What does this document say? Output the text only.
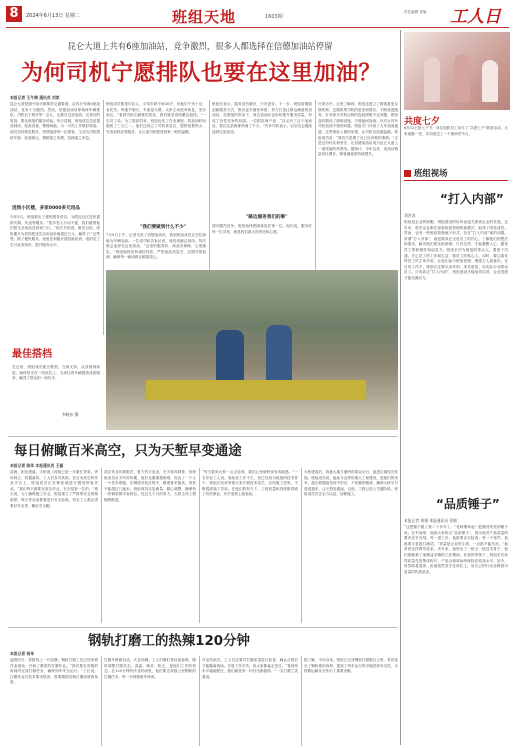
8	2024年6月13日 星期二	班组天地	1603期
责任编辑 蔡敏	工人日
昆仑大道上共有6座加油站，竞争激烈，很多人都选择在信德加油站停留
为何司机宁愿排队也要在这里加油？
本报记者 王冬梅 通讯员 刘家
昆仑大道是德令哈市重要的交通要道，沿线分布着6座加油站，竞争十分激烈。然而，信德加油站却始终车辆排队，司机们宁愿多等一会儿，也要在这里加油。这背后的原因，要从班组的服务说起。每天清晨，班组成员总是提前到岗，检查设备、整理场地，为一天的工作做好准备。他们坚持微笑服务，热情接待每一位顾客，主动为司机擦拭车窗、检查胎压，想顾客之所想，急顾客之所急。
送到小区楼，多家0000多元用品
今年5月，班组推出了便民服务项目，为附近社区居民提供代购、代送等服务。“很多老人行动不便，我们就帮他们把生活用品送到家门口。”班长介绍说。截至目前，班组累计为居民配送生活用品价值超过万元，赢得了广泛赞誉。除了便民服务，班组还积极开展技能培训，组织员工学习业务知识，提升服务水平。
班组成员都是年轻人，平均年龄不到30岁，但他们干劲十足，肯吃苦。每逢节假日，车流量大增，大家主动放弃休息，坚守岗位。“看到司机们满意的笑容，我们就觉得再累也值得。”一名员工说。为了提高效率，班组优化了作业流程，将加油时间缩短了三分之一。他们还设立了司机休息区，提供免费热水、充电和药品等服务，让长途司机感受到家一般的温暖。
"我们要做到什么不少"
7月9日上午，记者走进了信德加油站，看到班组成员正在忙碌地为车辆加油。一位老司机告诉记者，他经常跑这条线，每次都会选择在这里加油，“这里的服务好，油品有保障，心里踏实。”班组始终坚持诚信经营，严把油品质量关，定期开展检测，确保每一滴油都让顾客放心。
班组长表示，服务没有最好，只有更好。下一步，班组将继续创新服务方式，推出更多便民举措，努力打造让群众满意的加油站。在班组的带动下，周边加油站也纷纷提升服务质量，形成了良性竞争的局面。一位附近商户说：“自从有了这个加油站，我们这条街都热闹了不少。”许多司机表示，以后还会继续选择这里加油。
"路边服务我们的事"
面对激烈竞争，班组始终把顾客放在第一位。他们说，服务好每一位司机，就是我们最大的责任和心愿。
在采访中，记者了解到，班组还建立了顾客意见反馈机制，定期收集司机的意见和建议，不断改进服务。针对部分司机反映的夜间照明不足问题，班组及时增设了照明设施，方便夜间加油。针对大货车司机加油不便的问题，班组专门开辟了大车加油通道。这些细致入微的举措，让司机们倍感温暖。班组成员说：“我们只是做了自己应该做的事情。”正是这份朴实和坚守，让信德加油站成为昆仑大道上一道亮丽的风景线。据统计，今年以来，加油站销量同比增长，顾客满意度持续提升。
最佳搭档
在这里，班组成员配合默契，互相支持，从清晨到深夜，始终坚守在一线岗位上，为来往的车辆提供优质服务，赢得了群众的一致好评。
李晓东 摄
每日俯瞰百米高空，只为天堑早变通途
本报记者 陈华 本报通讯员 王磊
清晨，阳光洒落，大桥施工现场已是一片繁忙景象。塔吊林立，机器轰鸣，工人们各司其职。在百米高空的作业平台上，班组成员正在紧张地进行钢梁拼装作业。“我们每天都要在高空作业，安全是第一位的。”班长说。为了确保施工安全，班组建立了严格的安全管理制度，每天作业前都要进行安全检查，每名工人都必须系好安全带、戴好安全帽。
高空作业环境艰苦，夏天烈日炎炎，冬天寒风刺骨，但班组成员从不叫苦叫累。他们克服重重困难，攻克了一个又一个技术难题。在钢梁吊装过程中，精度要求极高，误差不能超过几毫米。班组成员反复测量、精心调整，确保每一块钢梁都安装到位。经过几个月的努力，大桥主体工程顺利推进。
“每当看到大桥一点点延伸，我们心里就特别有成就感。”一名年轻工人说。他参加工作不久，但已经成为班组的技术骨干。班组长经常带领大家开展技术攻关，总结施工经验，不断提高施工效率。在他们的努力下，工程质量和进度都得到了有效保证，多次受到上级表扬。
大桥建成后，将极大地方便两岸群众出行，促进区域经济发展。班组成员说，能参与这样的重大工程建设，是他们的荣幸。他们将继续发扬不怕苦、不怕累的精神，确保大桥早日建成通车，让天堑变通途。目前，工程已进入关键阶段，班组成员们正全力以赴，加紧施工。
钢轨打磨工的热辣120分钟
本报记者 杨华
凌晨时分，铁路线上一片寂静。钢轨打磨工们已经来到作业现场，开始了紧张的打磨作业。“我们要在有限的时间内完成打磨任务，确保列车安全运行。”工长说。打磨作业对技术要求很高，需要精准控制打磨深度和角度。
打磨车缓缓启动，火花四溅。工人们紧盯着设备参数，随时调整打磨状态。高温、噪音、粉尘，是他们工作的常态。在120分钟的作业时间里，他们要完成数公里钢轨的打磨任务，每一分钟都格外珍贵。
作业结束后，工人们还要对打磨质量进行检查，确认合格后才能撤离现场。尽管工作辛苦，但大家都毫无怨言。“看到列车平稳地驶过，我们就觉得一切付出都值得。”一名打磨工笑着说。
据了解，今年以来，班组已完成钢轨打磨数百公里，有效延长了钢轨使用寿命，提高了列车运行的平稳性和安全性，为铁路运输安全作出了重要贡献。
共度七夕
6月13日是七夕节，单位组织员工举办了“共度七夕”联谊活动，大家欢聚一堂，共同度过了一个愉快的节日。
班组视场
“打入内部”
刘洪涛
班组是企业的细胞，班组建设的好坏直接关系到企业的发展。近年来，很多企业都在探索班组管理的新模式，取得了明显成效。然而，也有一些班组管理流于形式，存在“打入内部”难的问题。所谓“打入内部”，就是要真正走进员工的内心，了解他们的想法和需求，解决他们的实际困难。只有这样，才能凝聚人心，激发员工的积极性和创造力。班组长作为班组的带头人，要善于沟通，关心员工的工作和生活，做员工的贴心人。同时，要注重发挥员工的主体作用，让他们参与班组管理，增强主人翁意识。在日常工作中，班组长还要以身作则，率先垂范，用实际行动带动员工。只有真正“打入内部”，班组建设才能取得实效，企业发展才能充满活力。
“品质锤子”
本报记者 周强 本报通讯员 张敏
“这把锤子跟了我二十多年了。”老师傅拿起一把磨得发亮的锤子说。在车间里，他被大家称为“品质锤子”，因为他对产品质量的要求近乎苛刻。每一道工序，他都要亲自检查；每一个零件，他都要反复敲打测试。“质量是企业的生命，一点都不能马虎。”他常常这样教导徒弟。多年来，他带出了一批又一批技术骨干，他们都继承了他精益求精的工匠精神。在他的带领下，班组多次获得质量先进集体称号，产品合格率始终保持在较高水平。如今，虽然即将退休，但他依然坚守在岗位上，用自己的行动诠释着对质量的执着追求。
